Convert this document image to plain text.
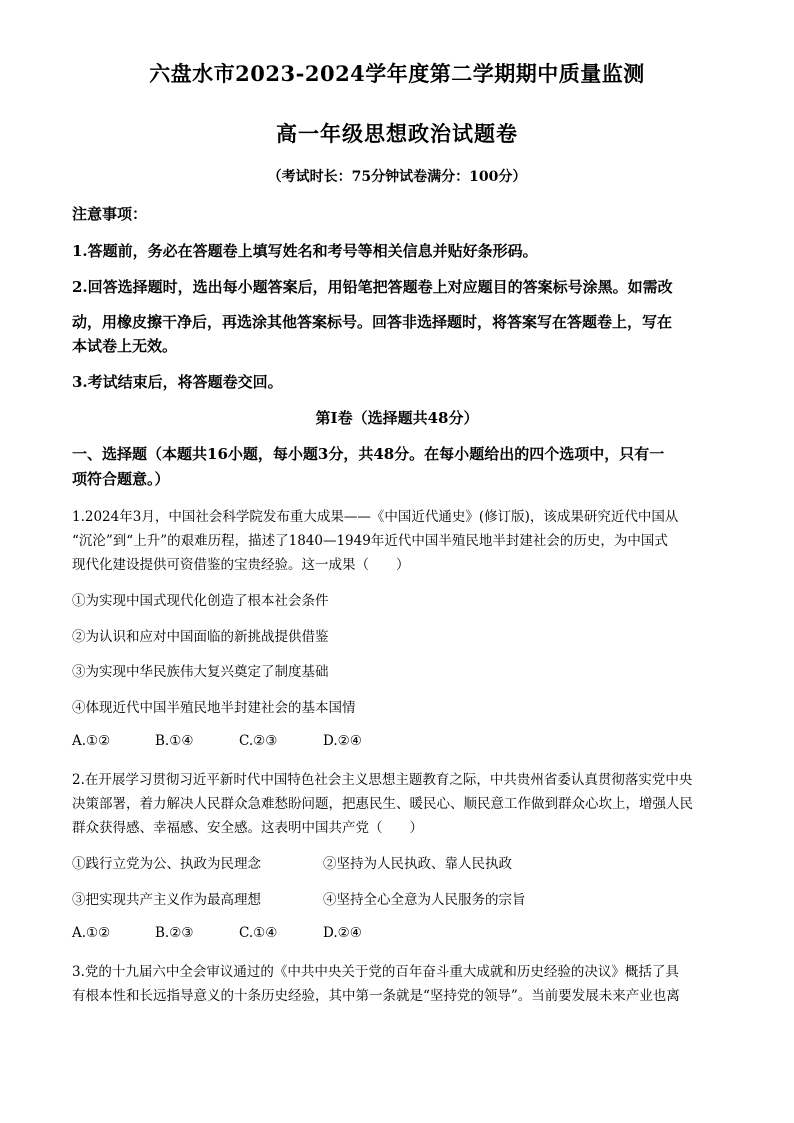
六盘水市2023-2024学年度第二学期期中质量监测
高一年级思想政治试题卷
（考试时长：75分钟试卷满分：100分）
注意事项：
1.答题前，务必在答题卷上填写姓名和考号等相关信息并贴好条形码。
2.回答选择题时，选出每小题答案后，用铅笔把答题卷上对应题目的答案标号涂黑。如需改
动，用橡皮擦干净后，再选涂其他答案标号。回答非选择题时，将答案写在答题卷上，写在
本试卷上无效。
3.考试结束后，将答题卷交回。
第Ⅰ卷（选择题共48分）
一、选择题（本题共16小题，每小题3分，共48分。在每小题给出的四个选项中，只有一
项符合题意。）
1.2024年3月，中国社会科学院发布重大成果——《中国近代通史》(修订版)，该成果研究近代中国从
“沉沦”到“上升”的艰难历程，描述了1840—1949年近代中国半殖民地半封建社会的历史，为中国式
现代化建设提供可资借鉴的宝贵经验。这一成果（　　）
①为实现中国式现代化创造了根本社会条件
②为认识和应对中国面临的新挑战提供借鉴
③为实现中华民族伟大复兴奠定了制度基础
④体现近代中国半殖民地半封建社会的基本国情
A.①②	B.①④	C.②③	D.②④
2.在开展学习贯彻习近平新时代中国特色社会主义思想主题教育之际，中共贵州省委认真贯彻落实党中央
决策部署，着力解决人民群众急难愁盼问题，把惠民生、暖民心、顺民意工作做到群众心坎上，增强人民
群众获得感、幸福感、安全感。这表明中国共产党（　　）
①践行立党为公、执政为民理念	②坚持为人民执政、靠人民执政
③把实现共产主义作为最高理想	④坚持全心全意为人民服务的宗旨
A.①②	B.②③	C.①④	D.②④
3.党的十九届六中全会审议通过的《中共中央关于党的百年奋斗重大成就和历史经验的决议》概括了具
有根本性和长远指导意义的十条历史经验，其中第一条就是“坚持党的领导”。当前要发展未来产业也离
